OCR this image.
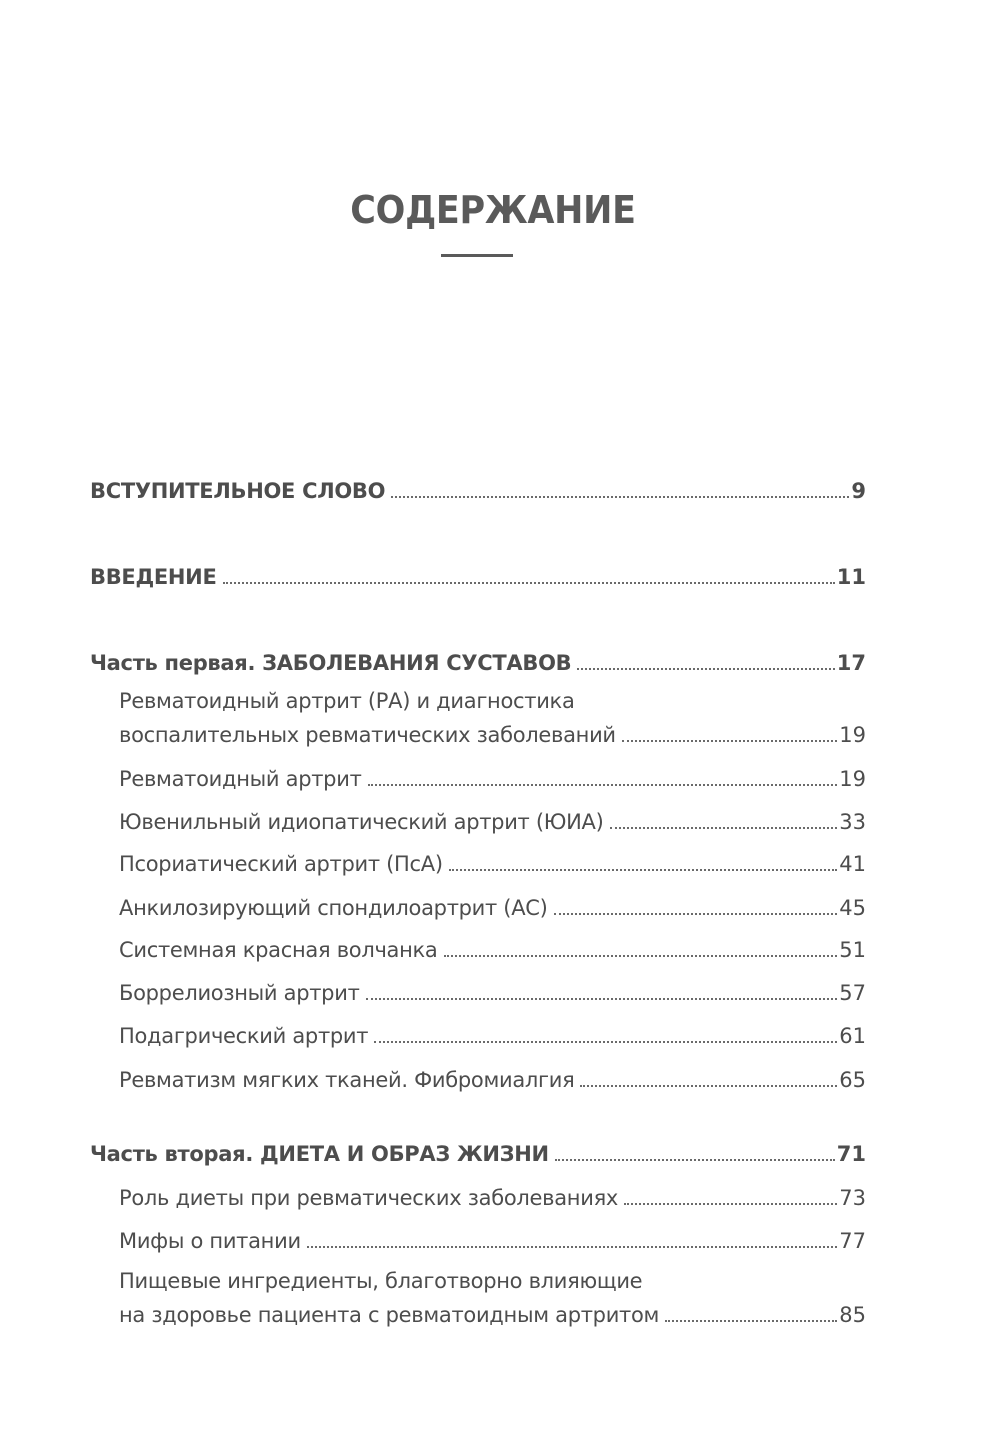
СОДЕРЖАНИЕ
ВСТУПИТЕЛЬНОЕ СЛОВО	9
ВВЕДЕНИЕ	11
Часть первая. ЗАБОЛЕВАНИЯ СУСТАВОВ	17
Ревматоидный артрит (РА) и диагностика
воспалительных ревматических заболеваний	19
Ревматоидный артрит	19
Ювенильный идиопатический артрит (ЮИА)	33
Псориатический артрит (ПсА)	41
Анкилозирующий спондилоартрит (АС)	45
Системная красная волчанка	51
Боррелиозный артрит	57
Подагрический артрит	61
Ревматизм мягких тканей. Фибромиалгия	65
Часть вторая. ДИЕТА И ОБРАЗ ЖИЗНИ	71
Роль диеты при ревматических заболеваниях	73
Мифы о питании	77
Пищевые ингредиенты, благотворно влияющие
на здоровье пациента с ревматоидным артритом	85
